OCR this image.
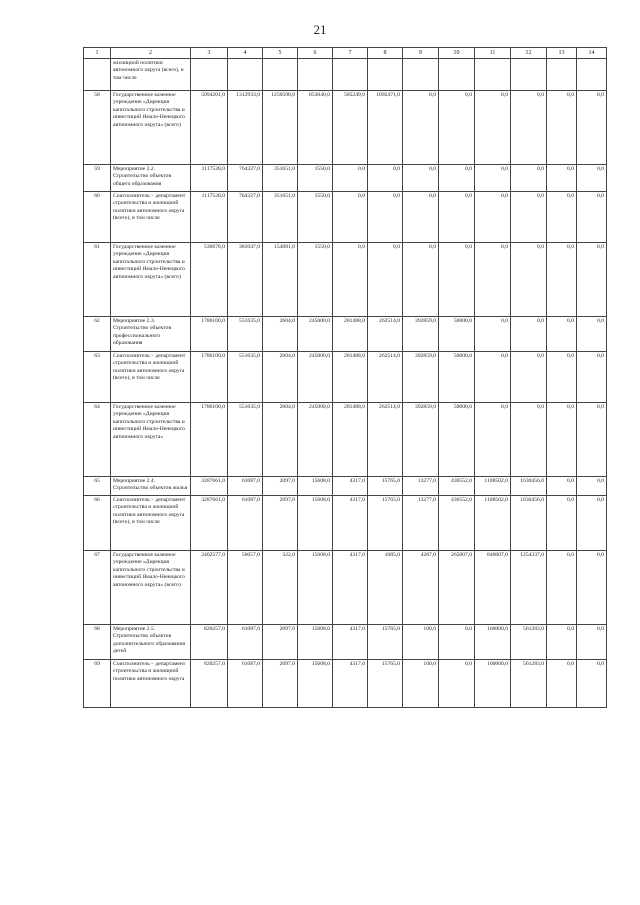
21
1	2	3	4	5	6	7	8	9	10	11	12	13	14
	жилищной политики автономного округа (всего), в том числе												
58	Государственное казенное учреждение «Дирекция капитального строительства и инвестиций Ямало-Ненецкого автономного округа» (всего)	5094201,0	1312933,0	1250508,0	853040,0	585249,0	1092471,0	0,0	0,0	0,0	0,0	0,0	0,0
59	Мероприятие 2.2. Строительство объектов общего образования	1117528,0	764327,0	351651,0	1550,0	0,0	0,0	0,0	0,0	0,0	0,0	0,0	0,0
60	Соисполнитель – департамент строительства и жилищной политики автономного округа (всего), в том числе	1117528,0	764327,0	351651,0	1550,0	0,0	0,0	0,0	0,0	0,0	0,0	0,0	0,0
61	Государственное казенное учреждение «Дирекция капитального строительства и инвестиций Ямало-Ненецкого автономного округа» (всего)	536678,0	381047,0	154081,0	1550,0	0,0	0,0	0,0	0,0	0,0	0,0	0,0	0,0
62	Мероприятие 2.3. Строительство объектов профессионального образования	1786100,0	551635,0	2604,0	245000,0	281488,0	262514,0	392859,0	50000,0	0,0	0,0	0,0	0,0
63	Соисполнитель – департамент строительства и жилищной политики автономного округа (всего), в том числе	1786100,0	551635,0	2604,0	245000,0	281488,0	262514,0	392859,0	50000,0	0,0	0,0	0,0	0,0
64	Государственное казенное учреждение «Дирекция капитального строительства и инвестиций Ямало-Ненецкого автономного округа»	1786100,0	551635,0	2604,0	245000,0	281488,0	262514,0	392859,0	50000,0	0,0	0,0	0,0	0,0
65	Мероприятие 2.4. Строительство объектов жилья	3287661,0	61087,0	2097,0	15608,0	4317,0	15765,0	13277,0	436552,0	1108502,0	1630456,0	0,0	0,0
66	Соисполнитель – департамент строительства и жилищной политики автономного округа (всего), в том числе	3287661,0	61087,0	2097,0	15608,0	4317,0	15765,0	13277,0	436552,0	1108502,0	1630456,0	0,0	0,0
67	Государственное казенное учреждение «Дирекция капитального строительства и инвестиций Ямало-Ненецкого автономного округа» (всего)	2402577,0	56057,0	322,0	15608,0	4317,0	1085,0	4287,0	265007,0	840007,0	1254337,0	0,0	0,0
68	Мероприятие 2.5. Строительство объектов дополнительного образования детей	820257,0	61087,0	2097,0	15608,0	4317,0	15765,0	100,0	0,0	160000,0	561283,0	0,0	0,0
69	Соисполнитель – департамент строительства и жилищной политики автономного округа	820257,0	61087,0	2097,0	15608,0	4317,0	15765,0	100,0	0,0	160000,0	561283,0	0,0	0,0
